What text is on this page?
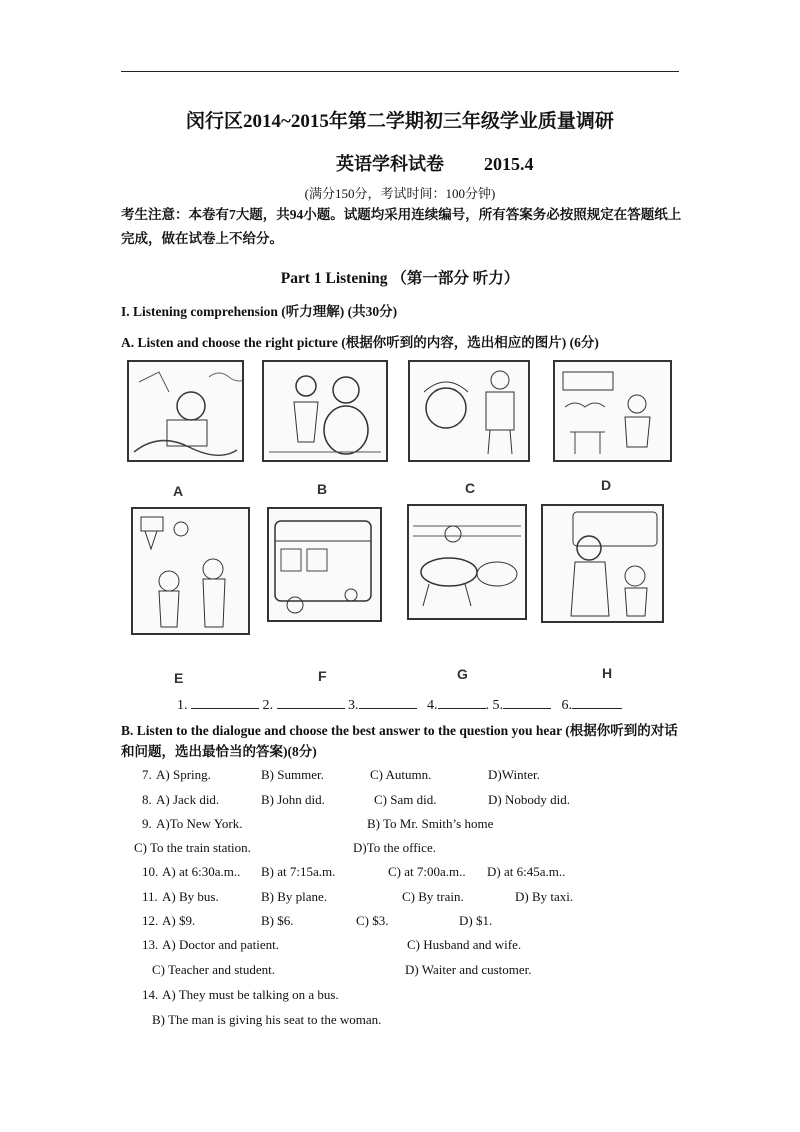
闵行区2014~2015年第二学期初三年级学业质量调研
英语学科试卷 2015.4
(满分150分，考试时间：100分钟)
考生注意：本卷有7大题，共94小题。试题均采用连续编号，所有答案务必按照规定在答题纸上完成，做在试卷上不给分。
Part 1 Listening （第一部分 听力）
I. Listening comprehension (听力理解) (共30分)
A. Listen and choose the right picture (根据你听到的内容，选出相应的图片) (6分)
A	B	C	D
E	F	G	H
1.	2.	3.	4.	. 5.	6.
B. Listen to the dialogue and choose the best answer to the question you hear (根据你听到的对话和问题，选出最恰当的答案)(8分)
7. A) Spring.	B) Summer.	C) Autumn.	D)Winter.
8. A) Jack did.	B) John did.	C) Sam did.	D) Nobody did.
9. A)To New York.	B) To Mr. Smith’s home
C) To the train station.	D)To the office.
10. A) at 6:30a.m.. B) at 7:15a.m.	C) at 7:00a.m.. D) at 6:45a.m..
11. A) By bus.	B) By plane.	C) By train.	D) By taxi.
12. A) $9.	B) $6.	C) $3.	D) $1.
13. A) Doctor and patient.	C) Husband and wife.
C) Teacher and student.	D) Waiter and customer.
14. A) They must be talking on a bus.
B) The man is giving his seat to the woman.
